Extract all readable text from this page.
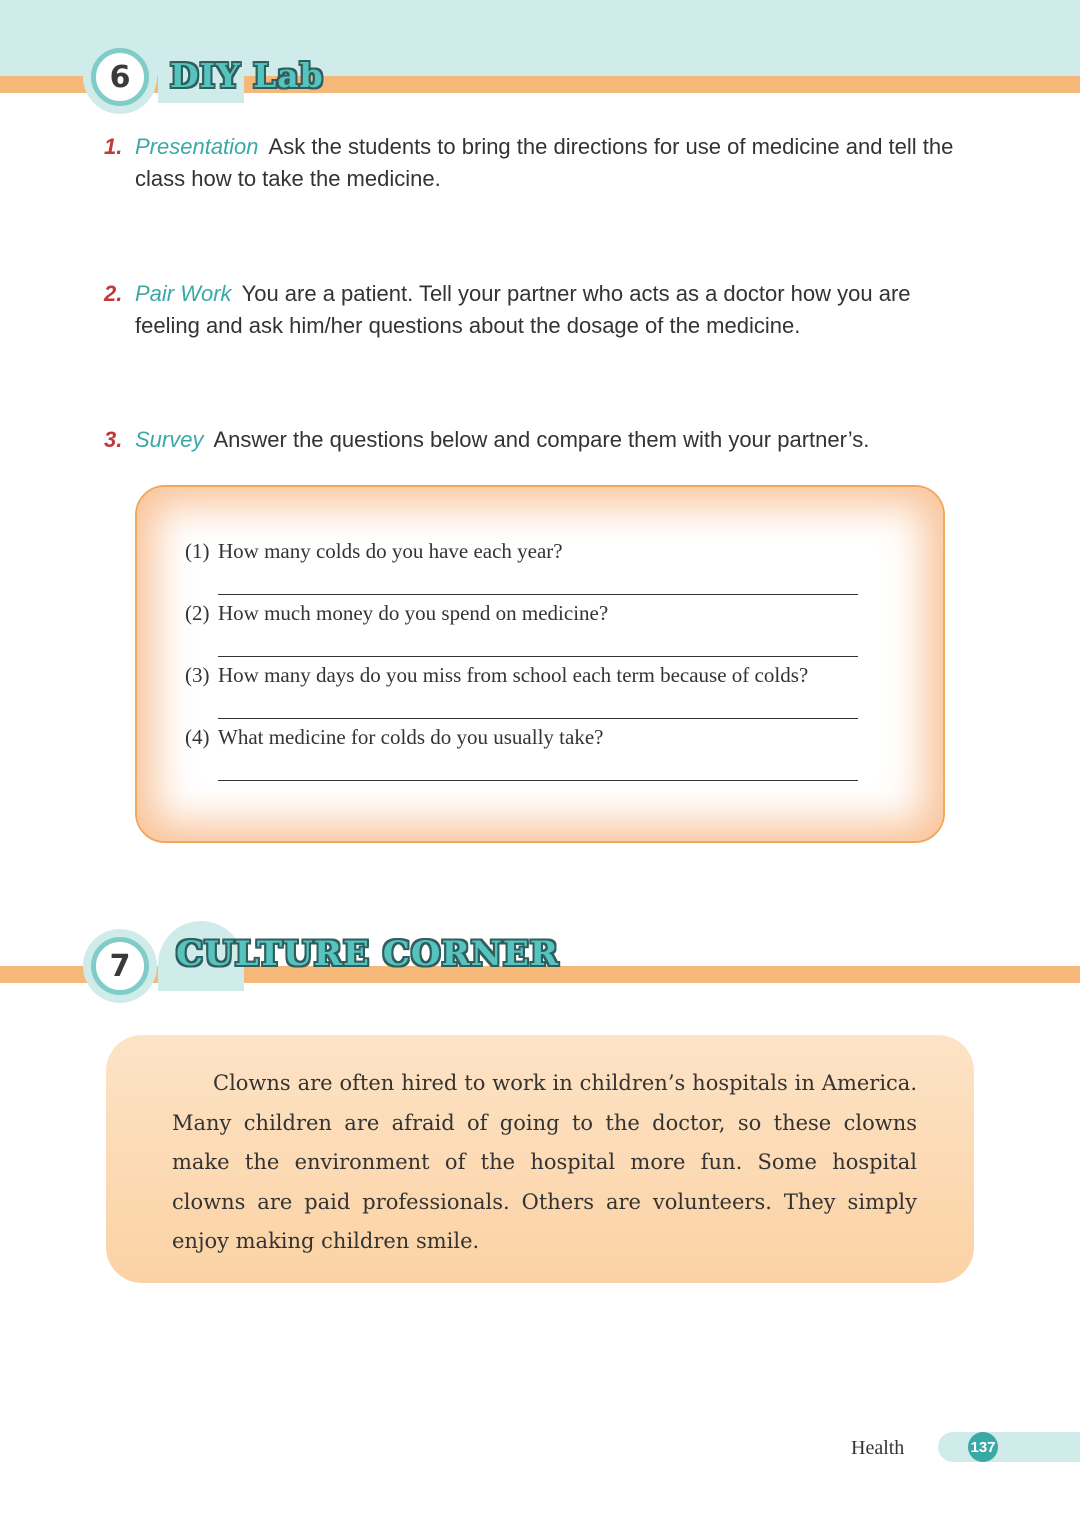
6	DIY Lab
1. Presentation Ask the students to bring the directions for use of medicine and tell the class how to take the medicine.
2. Pair Work You are a patient. Tell your partner who acts as a doctor how you are feeling and ask him/her questions about the dosage of the medicine.
3. Survey Answer the questions below and compare them with your partner’s.
(1) How many colds do you have each year?
(2) How much money do you spend on medicine?
(3) How many days do you miss from school each term because of colds?
(4) What medicine for colds do you usually take?
7	CULTURE CORNER

Clowns are often hired to work in children’s hospitals in America. Many children are afraid of going to the doctor, so these clowns make the environment of the hospital more fun. Some hospital clowns are paid professionals. Others are volunteers. They simply enjoy making children smile.

Health	137
